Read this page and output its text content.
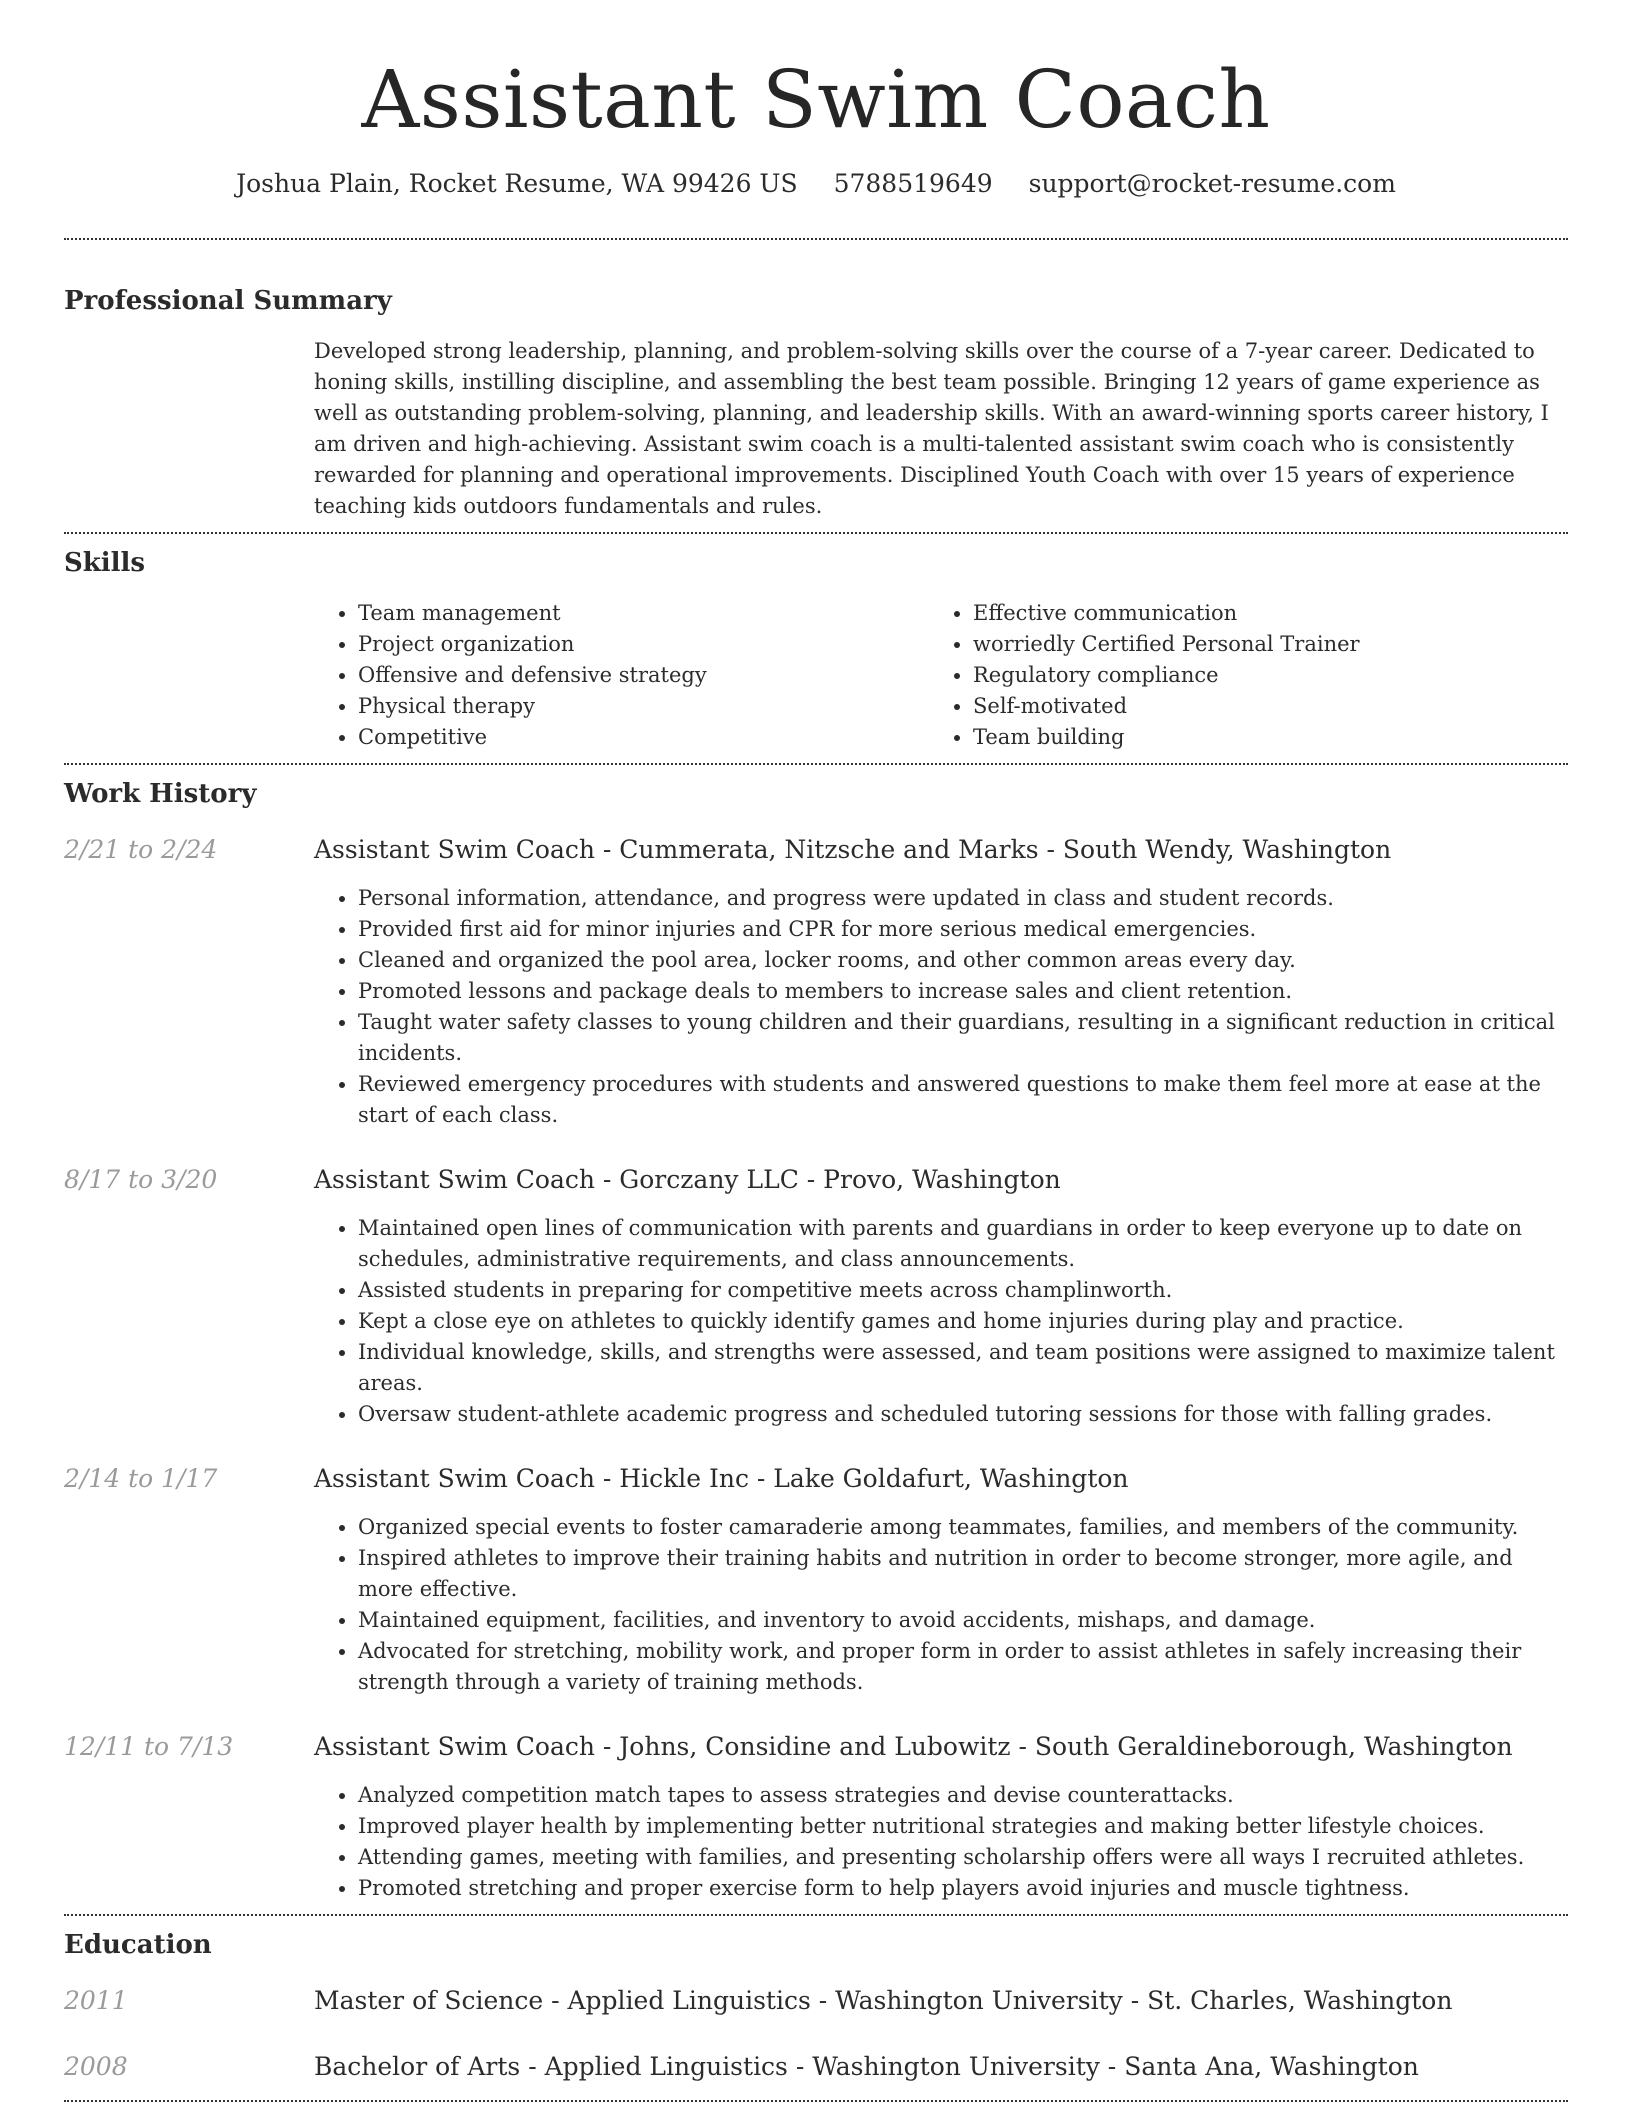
Assistant Swim Coach
Joshua Plain, Rocket Resume, WA 99426 US 5788519649 support@rocket-resume.com
Professional Summary

Developed strong leadership, planning, and problem-solving skills over the course of a 7-year career. Dedicated to honing skills, instilling discipline, and assembling the best team possible. Bringing 12 years of game experience as well as outstanding problem-solving, planning, and leadership skills. With an award-winning sports career history, I am driven and high-achieving. Assistant swim coach is a multi-talented assistant swim coach who is consistently rewarded for planning and operational improvements. Disciplined Youth Coach with over 15 years of experience teaching kids outdoors fundamentals and rules.

Skills
• Team management
• Project organization
• Offensive and defensive strategy
• Physical therapy
• Competitive
• Effective communication
• worriedly Certified Personal Trainer
• Regulatory compliance
• Self-motivated
• Team building
Work History
2/21 to 2/24	Assistant Swim Coach - Cummerata, Nitzsche and Marks - South Wendy, Washington
• Personal information, attendance, and progress were updated in class and student records.
• Provided first aid for minor injuries and CPR for more serious medical emergencies.
• Cleaned and organized the pool area, locker rooms, and other common areas every day.
• Promoted lessons and package deals to members to increase sales and client retention.
• Taught water safety classes to young children and their guardians, resulting in a significant reduction in critical incidents.
• Reviewed emergency procedures with students and answered questions to make them feel more at ease at the start of each class.
8/17 to 3/20	Assistant Swim Coach - Gorczany LLC - Provo, Washington
• Maintained open lines of communication with parents and guardians in order to keep everyone up to date on schedules, administrative requirements, and class announcements.
• Assisted students in preparing for competitive meets across champlinworth.
• Kept a close eye on athletes to quickly identify games and home injuries during play and practice.
• Individual knowledge, skills, and strengths were assessed, and team positions were assigned to maximize talent areas.
• Oversaw student-athlete academic progress and scheduled tutoring sessions for those with falling grades.
2/14 to 1/17	Assistant Swim Coach - Hickle Inc - Lake Goldafurt, Washington
• Organized special events to foster camaraderie among teammates, families, and members of the community.
• Inspired athletes to improve their training habits and nutrition in order to become stronger, more agile, and more effective.
• Maintained equipment, facilities, and inventory to avoid accidents, mishaps, and damage.
• Advocated for stretching, mobility work, and proper form in order to assist athletes in safely increasing their strength through a variety of training methods.
12/11 to 7/13	Assistant Swim Coach - Johns, Considine and Lubowitz - South Geraldineborough, Washington
• Analyzed competition match tapes to assess strategies and devise counterattacks.
• Improved player health by implementing better nutritional strategies and making better lifestyle choices.
• Attending games, meeting with families, and presenting scholarship offers were all ways I recruited athletes.
• Promoted stretching and proper exercise form to help players avoid injuries and muscle tightness.
Education
2011	Master of Science - Applied Linguistics - Washington University - St. Charles, Washington
2008	Bachelor of Arts - Applied Linguistics - Washington University - Santa Ana, Washington
